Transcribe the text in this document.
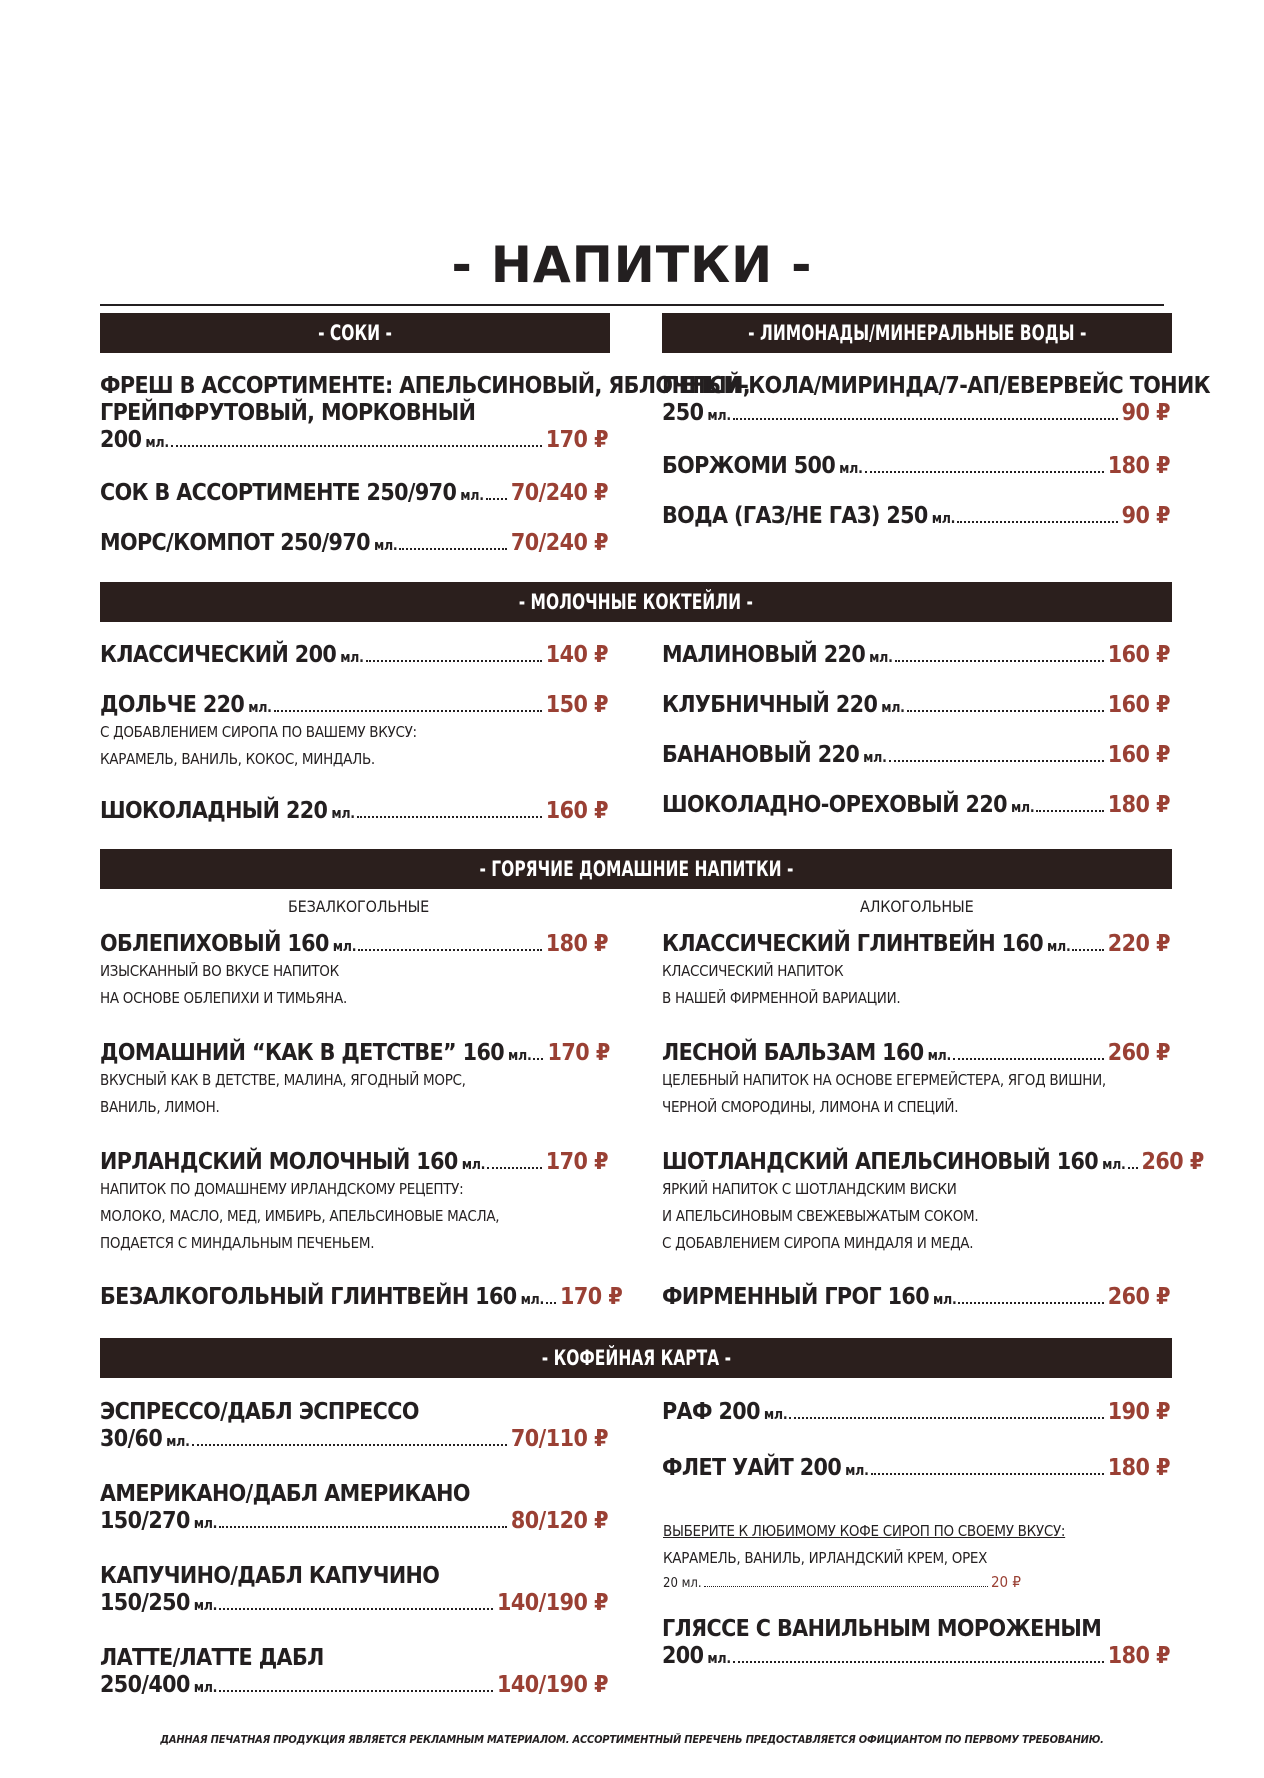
- НАПИТКИ -
- СОКИ -	- ЛИМОНАДЫ/МИНЕРАЛЬНЫЕ ВОДЫ -
- МОЛОЧНЫЕ КОКТЕЙЛИ -
- ГОРЯЧИЕ ДОМАШНИЕ НАПИТКИ -
- КОФЕЙНАЯ КАРТА -
ФРЕШ В АССОРТИМЕНТЕ: АПЕЛЬСИНОВЫЙ, ЯБЛОЧНЫЙ,
ГРЕЙПФРУТОВЫЙ, МОРКОВНЫЙ
200 мл.	170 ₽
СОК В АССОРТИМЕНТЕ 250/970 мл. 70/240 ₽
МОРС/КОМПОТ 250/970 мл.	70/240 ₽
ПЕПСИ-КОЛА/МИРИНДА/7-АП/ЕВЕРВЕЙС ТОНИК
250 мл.	90 ₽
БОРЖОМИ 500 мл.	180 ₽
ВОДА (ГАЗ/НЕ ГАЗ) 250 мл.	90 ₽
КЛАССИЧЕСКИЙ 200 мл.	140 ₽
ДОЛЬЧЕ 220 мл.	150 ₽
С ДОБАВЛЕНИЕМ СИРОПА ПО ВАШЕМУ ВКУСУ:
КАРАМЕЛЬ, ВАНИЛЬ, КОКОС, МИНДАЛЬ.
ШОКОЛАДНЫЙ 220 мл.	160 ₽
МАЛИНОВЫЙ 220 мл.	160 ₽
КЛУБНИЧНЫЙ 220 мл.	160 ₽
БАНАНОВЫЙ 220 мл.	160 ₽
ШОКОЛАДНО-ОРЕХОВЫЙ 220 мл.	180 ₽
БЕЗАЛКОГОЛЬНЫЕ	АЛКОГОЛЬНЫЕ
ОБЛЕПИХОВЫЙ 160 мл.	180 ₽
ИЗЫСКАННЫЙ ВО ВКУСЕ НАПИТОК
НА ОСНОВЕ ОБЛЕПИХИ И ТИМЬЯНА.
ДОМАШНИЙ “КАК В ДЕТСТВЕ” 160 мл. 170 ₽
ВКУСНЫЙ КАК В ДЕТСТВЕ, МАЛИНА, ЯГОДНЫЙ МОРС,
ВАНИЛЬ, ЛИМОН.
ИРЛАНДСКИЙ МОЛОЧНЫЙ 160 мл.	170 ₽
НАПИТОК ПО ДОМАШНЕМУ ИРЛАНДСКОМУ РЕЦЕПТУ:
МОЛОКО, МАСЛО, МЕД, ИМБИРЬ, АПЕЛЬСИНОВЫЕ МАСЛА,
ПОДАЕТСЯ С МИНДАЛЬНЫМ ПЕЧЕНЬЕМ.
БЕЗАЛКОГОЛЬНЫЙ ГЛИНТВЕЙН 160 мл. 170 ₽
КЛАССИЧЕСКИЙ ГЛИНТВЕЙН 160 мл. 220 ₽
КЛАССИЧЕСКИЙ НАПИТОК
В НАШЕЙ ФИРМЕННОЙ ВАРИАЦИИ.
ЛЕСНОЙ БАЛЬЗАМ 160 мл.	260 ₽
ЦЕЛЕБНЫЙ НАПИТОК НА ОСНОВЕ ЕГЕРМЕЙСТЕРА, ЯГОД ВИШНИ,
ЧЕРНОЙ СМОРОДИНЫ, ЛИМОНА И СПЕЦИЙ.
ШОТЛАНДСКИЙ АПЕЛЬСИНОВЫЙ 160 мл. 260 ₽
ЯРКИЙ НАПИТОК С ШОТЛАНДСКИМ ВИСКИ
И АПЕЛЬСИНОВЫМ СВЕЖЕВЫЖАТЫМ СОКОМ.
С ДОБАВЛЕНИЕМ СИРОПА МИНДАЛЯ И МЕДА.
ФИРМЕННЫЙ ГРОГ 160 мл.	260 ₽
ЭСПРЕССО/ДАБЛ ЭСПРЕССО
30/60 мл.	70/110 ₽
АМЕРИКАНО/ДАБЛ АМЕРИКАНО
150/270 мл.	80/120 ₽
КАПУЧИНО/ДАБЛ КАПУЧИНО
150/250 мл.	140/190 ₽
ЛАТТЕ/ЛАТТЕ ДАБЛ
250/400 мл.	140/190 ₽
РАФ 200 мл.	190 ₽
ФЛЕТ УАЙТ 200 мл.	180 ₽
ВЫБЕРИТЕ К ЛЮБИМОМУ КОФЕ СИРОП ПО СВОЕМУ ВКУСУ:
КАРАМЕЛЬ, ВАНИЛЬ, ИРЛАНДСКИЙ КРЕМ, ОРЕХ
20 мл.	20 ₽
ГЛЯССЕ С ВАНИЛЬНЫМ МОРОЖЕНЫМ
200 мл.	180 ₽
ДАННАЯ ПЕЧАТНАЯ ПРОДУКЦИЯ ЯВЛЯЕТСЯ РЕКЛАМНЫМ МАТЕРИАЛОМ. АССОРТИМЕНТНЫЙ ПЕРЕЧЕНЬ ПРЕДОСТАВЛЯЕТСЯ ОФИЦИАНТОМ ПО ПЕРВОМУ ТРЕБОВАНИЮ.
